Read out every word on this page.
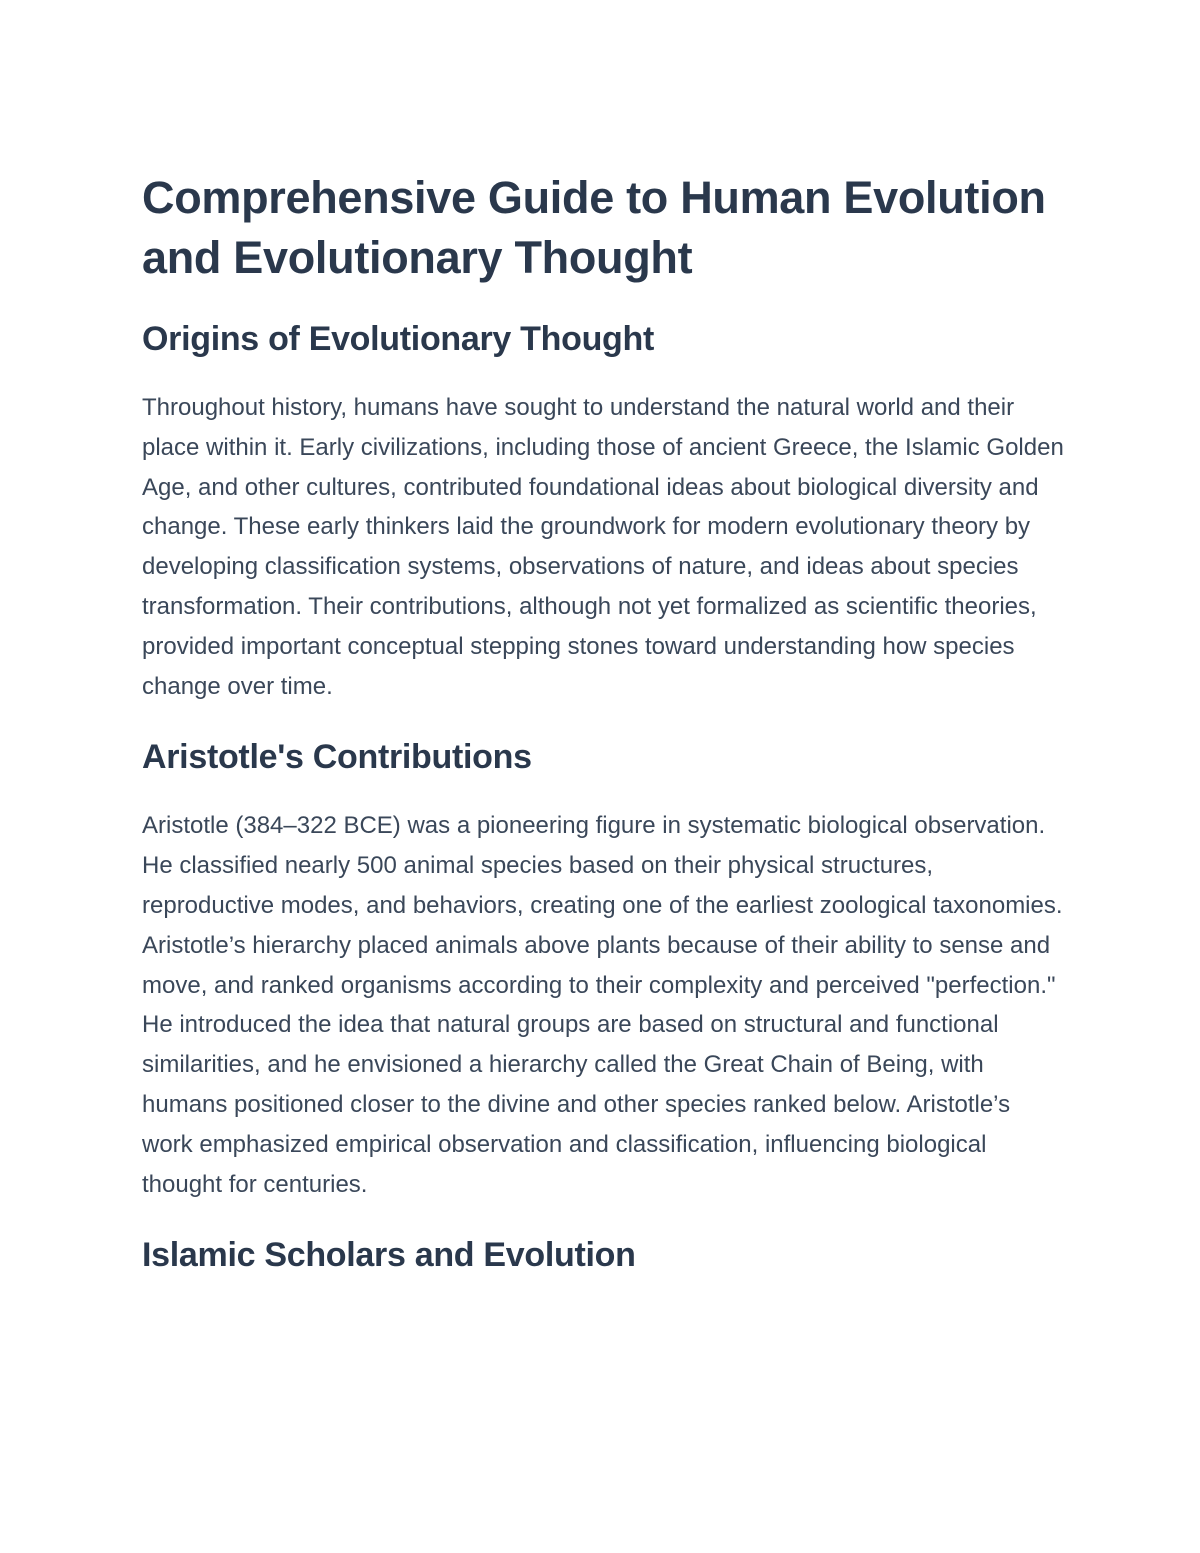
Comprehensive Guide to Human Evolution and Evolutionary Thought
Origins of Evolutionary Thought

Throughout history, humans have sought to understand the natural world and their place within it. Early civilizations, including those of ancient Greece, the Islamic Golden Age, and other cultures, contributed foundational ideas about biological diversity and change. These early thinkers laid the groundwork for modern evolutionary theory by developing classification systems, observations of nature, and ideas about species transformation. Their contributions, although not yet formalized as scientific theories, provided important conceptual stepping stones toward understanding how species change over time.

Aristotle's Contributions

Aristotle (384–322 BCE) was a pioneering figure in systematic biological observation. He classified nearly 500 animal species based on their physical structures, reproductive modes, and behaviors, creating one of the earliest zoological taxonomies. Aristotle’s hierarchy placed animals above plants because of their ability to sense and move, and ranked organisms according to their complexity and perceived "perfection." He introduced the idea that natural groups are based on structural and functional similarities, and he envisioned a hierarchy called the Great Chain of Being, with humans positioned closer to the divine and other species ranked below. Aristotle’s work emphasized empirical observation and classification, influencing biological thought for centuries.

Islamic Scholars and Evolution
